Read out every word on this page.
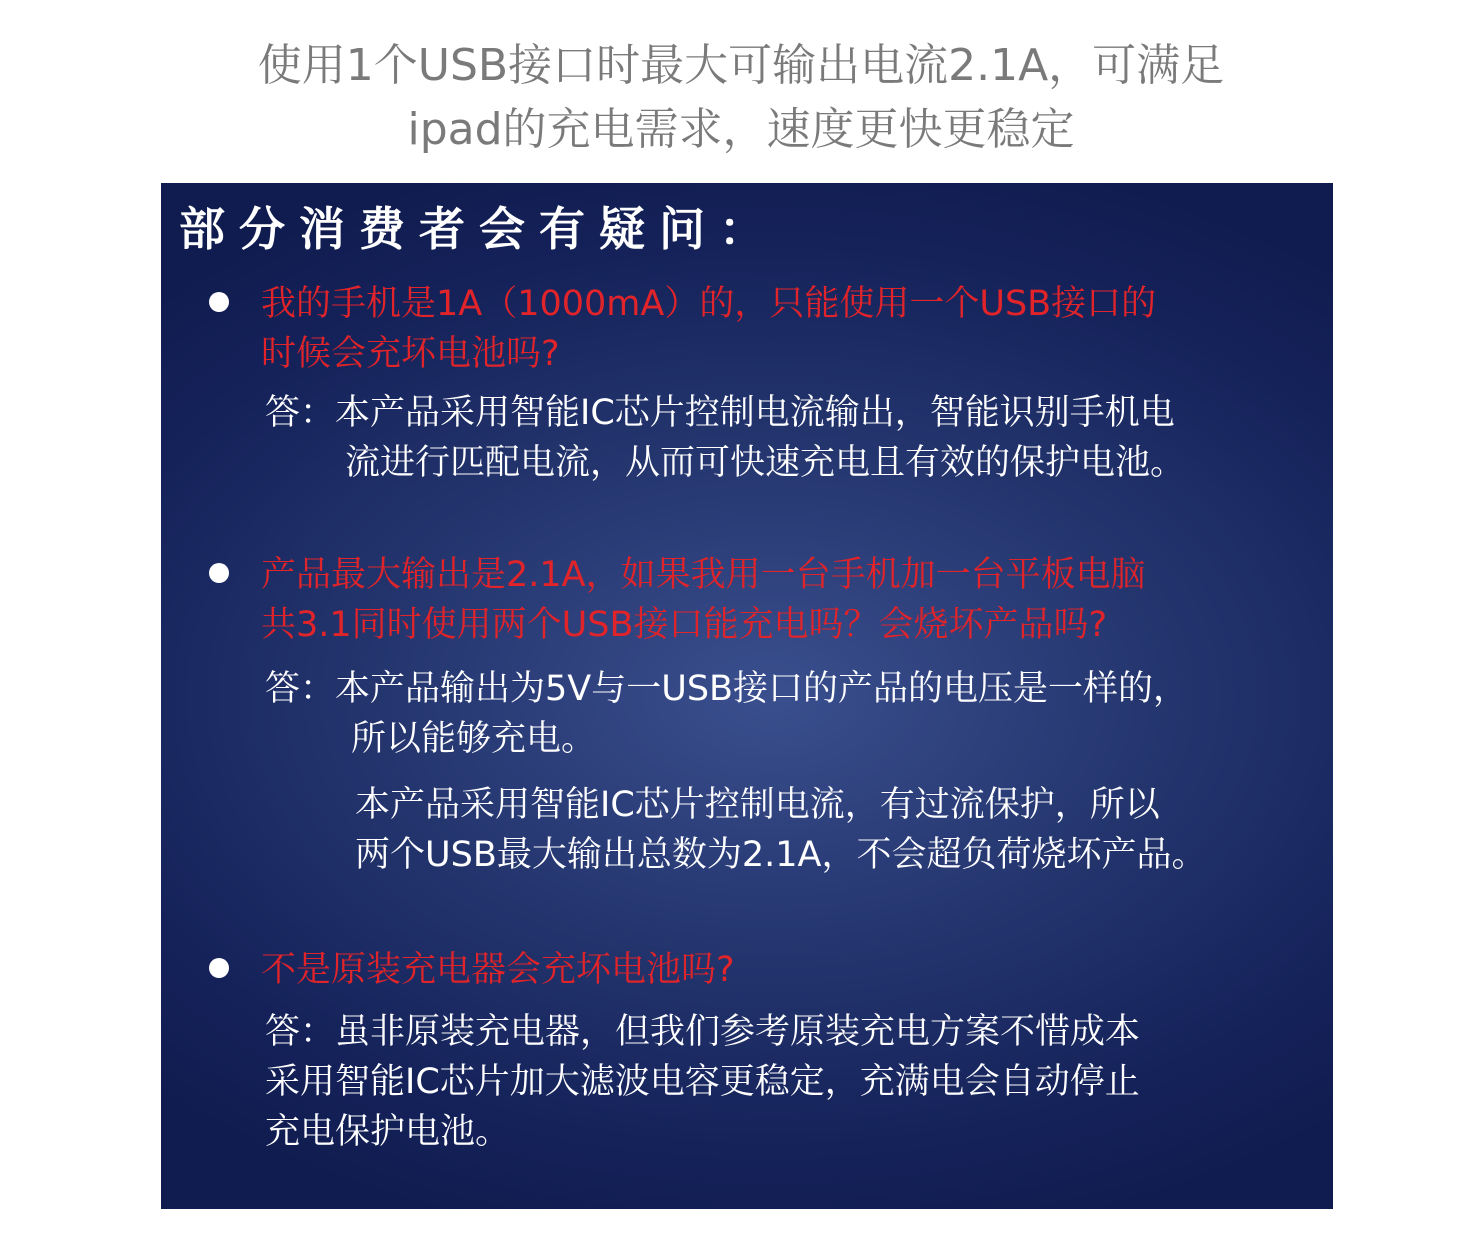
使用1个USB接口时最大可输出电流2.1A，可满足
ipad的充电需求，速度更快更稳定
部分消费者会有疑问：

我的手机是1A（1000mA）的，只能使用一个USB接口的
时候会充坏电池吗?

答：本产品采用智能IC芯片控制电流输出，智能识别手机电
流进行匹配电流，从而可快速充电且有效的保护电池。

产品最大输出是2.1A，如果我用一台手机加一台平板电脑
共3.1同时使用两个USB接口能充电吗？会烧坏产品吗?

答：本产品输出为5V与一USB接口的产品的电压是一样的，
所以能够充电。

本产品采用智能IC芯片控制电流，有过流保护，所以
两个USB最大输出总数为2.1A，不会超负荷烧坏产品。

不是原装充电器会充坏电池吗?

答：虽非原装充电器，但我们参考原装充电方案不惜成本
采用智能IC芯片加大滤波电容更稳定，充满电会自动停止
充电保护电池。
